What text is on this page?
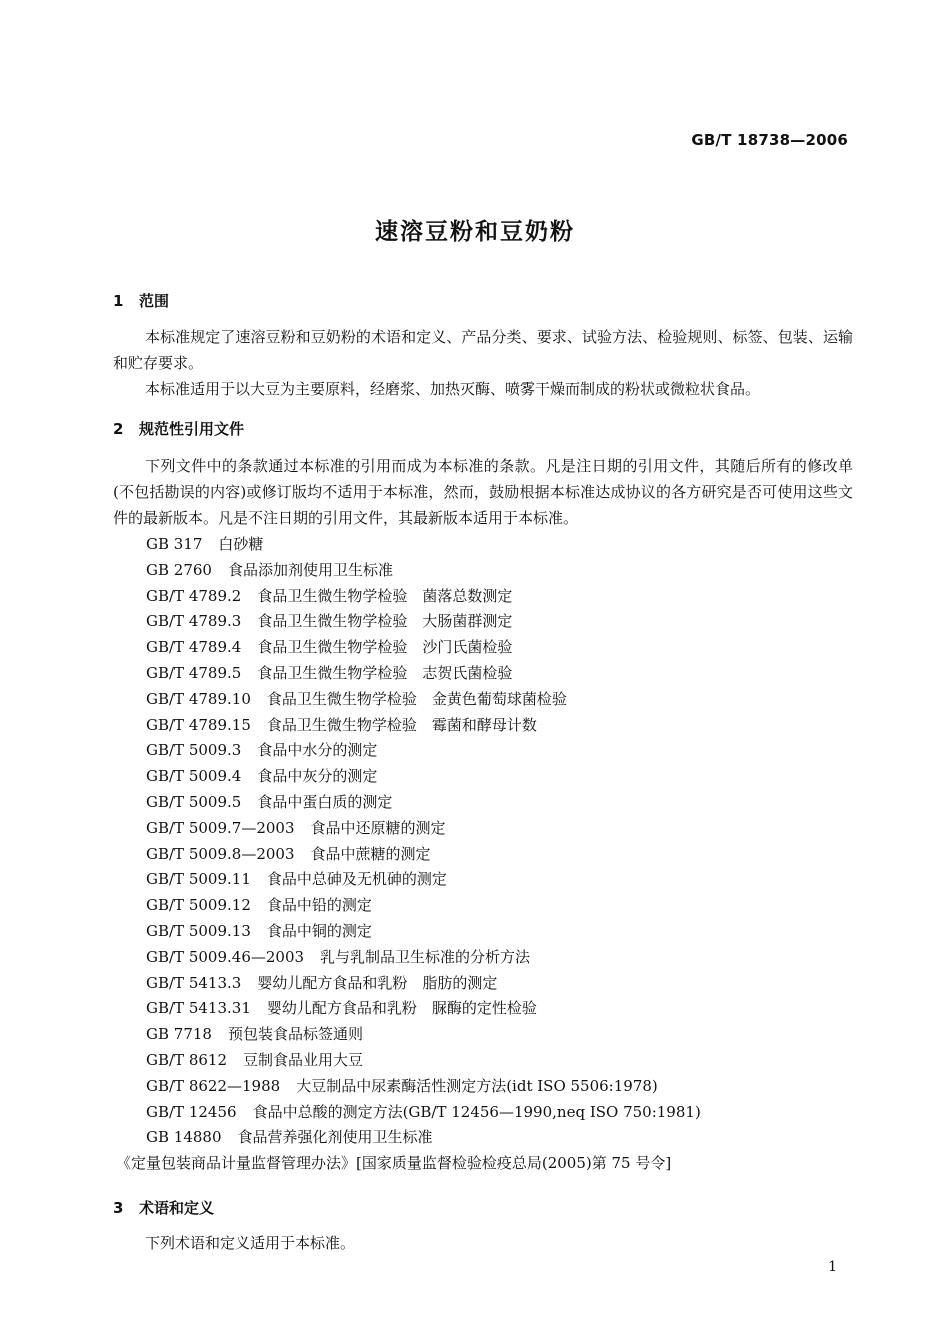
GB/T 18738—2006
速溶豆粉和豆奶粉
1 范围

本标准规定了速溶豆粉和豆奶粉的术语和定义、产品分类、要求、试验方法、检验规则、标签、包装、运输和贮存要求。

本标准适用于以大豆为主要原料，经磨浆、加热灭酶、喷雾干燥而制成的粉状或微粒状食品。

2 规范性引用文件

下列文件中的条款通过本标准的引用而成为本标准的条款。凡是注日期的引用文件，其随后所有的修改单(不包括勘误的内容)或修订版均不适用于本标准，然而，鼓励根据本标准达成协议的各方研究是否可使用这些文件的最新版本。凡是不注日期的引用文件，其最新版本适用于本标准。

GB 317 白砂糖
GB 2760 食品添加剂使用卫生标准
GB/T 4789.2 食品卫生微生物学检验　菌落总数测定
GB/T 4789.3 食品卫生微生物学检验　大肠菌群测定
GB/T 4789.4 食品卫生微生物学检验　沙门氏菌检验
GB/T 4789.5 食品卫生微生物学检验　志贺氏菌检验
GB/T 4789.10 食品卫生微生物学检验　金黄色葡萄球菌检验
GB/T 4789.15 食品卫生微生物学检验　霉菌和酵母计数
GB/T 5009.3 食品中水分的测定
GB/T 5009.4 食品中灰分的测定
GB/T 5009.5 食品中蛋白质的测定
GB/T 5009.7—2003 食品中还原糖的测定
GB/T 5009.8—2003 食品中蔗糖的测定
GB/T 5009.11 食品中总砷及无机砷的测定
GB/T 5009.12 食品中铅的测定
GB/T 5009.13 食品中铜的测定
GB/T 5009.46—2003 乳与乳制品卫生标准的分析方法
GB/T 5413.3 婴幼儿配方食品和乳粉　脂肪的测定
GB/T 5413.31 婴幼儿配方食品和乳粉　脲酶的定性检验
GB 7718 预包装食品标签通则
GB/T 8612 豆制食品业用大豆
GB/T 8622—1988 大豆制品中尿素酶活性测定方法(idt ISO 5506:1978)
GB/T 12456 食品中总酸的测定方法(GB/T 12456—1990,neq ISO 750:1981)
GB 14880 食品营养强化剂使用卫生标准
《定量包装商品计量监督管理办法》[国家质量监督检验检疫总局(2005)第 75 号令]
3 术语和定义

下列术语和定义适用于本标准。

1
